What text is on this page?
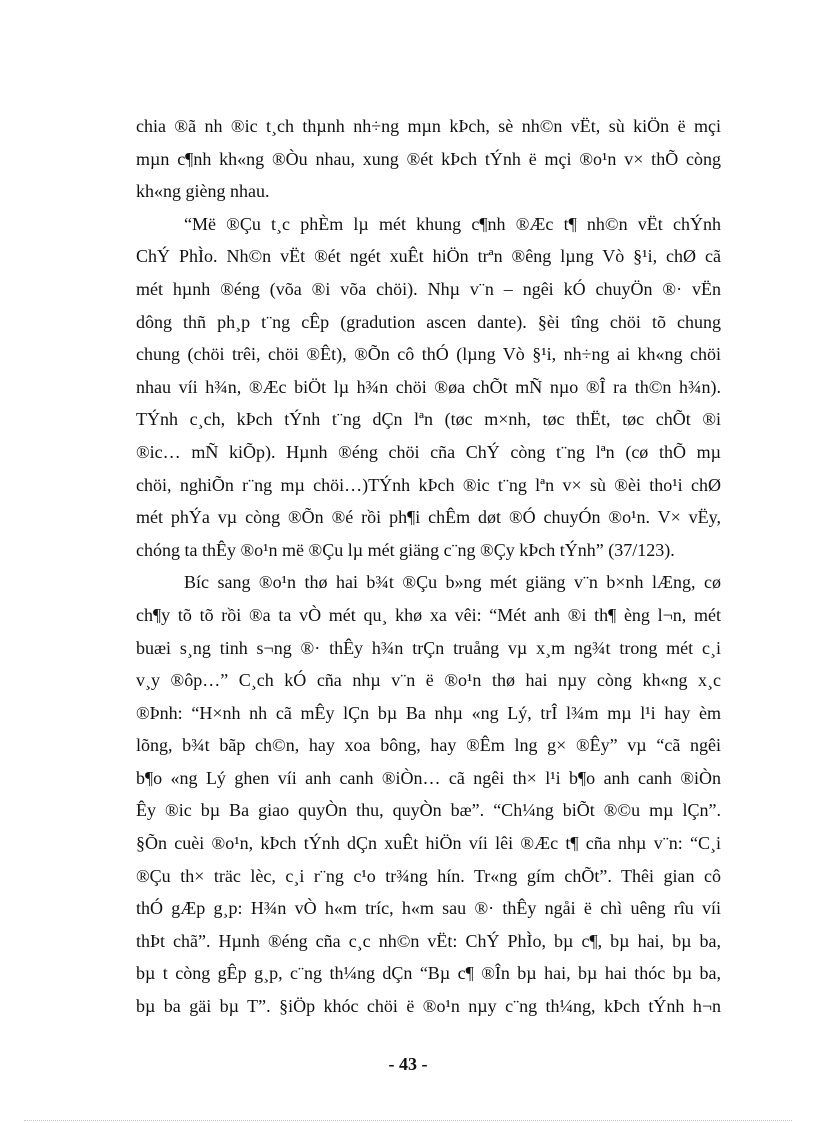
chia ®ã nh ®ic t¸ch thµnh nh÷ng mµn kÞch, sè nh©n vËt, sù kiÖn ë mçi
mµn c¶nh kh«ng ®Òu nhau, xung ®ét kÞch tÝnh ë mçi ®o¹n v× thÕ còng
kh«ng gièng nhau.
“Më ®Çu t¸c phÈm lµ mét khung c¶nh ®Æc t¶ nh©n vËt chÝnh
ChÝ PhÌo. Nh©n vËt ®ét ngét xuÊt hiÖn trªn ®êng lµng Vò §¹i, chØ cã
mét hµnh ®éng (võa ®i võa chöi). Nhµ v¨n – ngêi kÓ chuyÖn ®· vËn
dông thñ ph¸p t¨ng cÊp (gradution ascen dante). §èi tîng chöi tõ chung
chung (chöi trêi, chöi ®Êt), ®Õn cô thÓ (lµng Vò §¹i, nh÷ng ai kh«ng chöi
nhau víi h¾n, ®Æc biÖt lµ h¾n chöi ®øa chÕt mÑ nµo ®Î ra th©n h¾n).
TÝnh c¸ch, kÞch tÝnh t¨ng dÇn lªn (tøc m×nh, tøc thËt, tøc chÕt ®i
®ic… mÑ kiÕp). Hµnh ®éng chöi cña ChÝ còng t¨ng lªn (cø thÕ mµ
chöi, nghiÕn r¨ng mµ chöi…)TÝnh kÞch ®ic t¨ng lªn v× sù ®èi tho¹i chØ
mét phÝa vµ còng ®Õn ®é rồi ph¶i chÊm døt ®Ó chuyÓn ®o¹n. V× vËy,
chóng ta thÊy ®o¹n më ®Çu lµ mét giäng c¨ng ®Çy kÞch tÝnh” (37/123).
Bíc sang ®o¹n thø hai b¾t ®Çu b»ng mét giäng v¨n b×nh lÆng, cø
ch¶y tõ tõ rồi ®a ta vÒ mét qu¸ khø xa vêi: “Mét anh ®i th¶ èng l¬n, mét
buæi s¸ng tinh s¬ng ®· thÊy h¾n trÇn truång vµ x¸m ng¾t trong mét c¸i
v¸y ®ôp…” C¸ch kÓ cña nhµ v¨n ë ®o¹n thø hai nµy còng kh«ng x¸c
®Þnh: “H×nh nh cã mÊy lÇn bµ Ba nhµ «ng Lý, trÎ l¾m mµ l¹i hay èm
lõng, b¾t bãp ch©n, hay xoa bông, hay ®Êm lng g× ®Êy” vµ “cã ngêi
b¶o «ng Lý ghen víi anh canh ®iÒn… cã ngêi th× l¹i b¶o anh canh ®iÒn
Êy ®ic bµ Ba giao quyÒn thu, quyÒn bæ”. “Ch¼ng biÕt ®©u mµ lÇn”.
§Õn cuèi ®o¹n, kÞch tÝnh dÇn xuÊt hiÖn víi lêi ®Æc t¶ cña nhµ v¨n: “C¸i
®Çu th× träc lèc, c¸i r¨ng c¹o tr¾ng hín. Tr«ng gím chÕt”. Thêi gian cô
thÓ gÆp g¸p: H¾n vÒ h«m tríc, h«m sau ®· thÊy ngåi ë chì uêng rîu víi
thÞt chã”. Hµnh ®éng cña c¸c nh©n vËt: ChÝ PhÌo, bµ c¶, bµ hai, bµ ba,
bµ t còng gÊp g¸p, c¨ng th¼ng dÇn “Bµ c¶ ®În bµ hai, bµ hai thóc bµ ba,
bµ ba gäi bµ T”. §iÖp khóc chöi ë ®o¹n nµy c¨ng th¼ng, kÞch tÝnh h¬n
- 43 -
